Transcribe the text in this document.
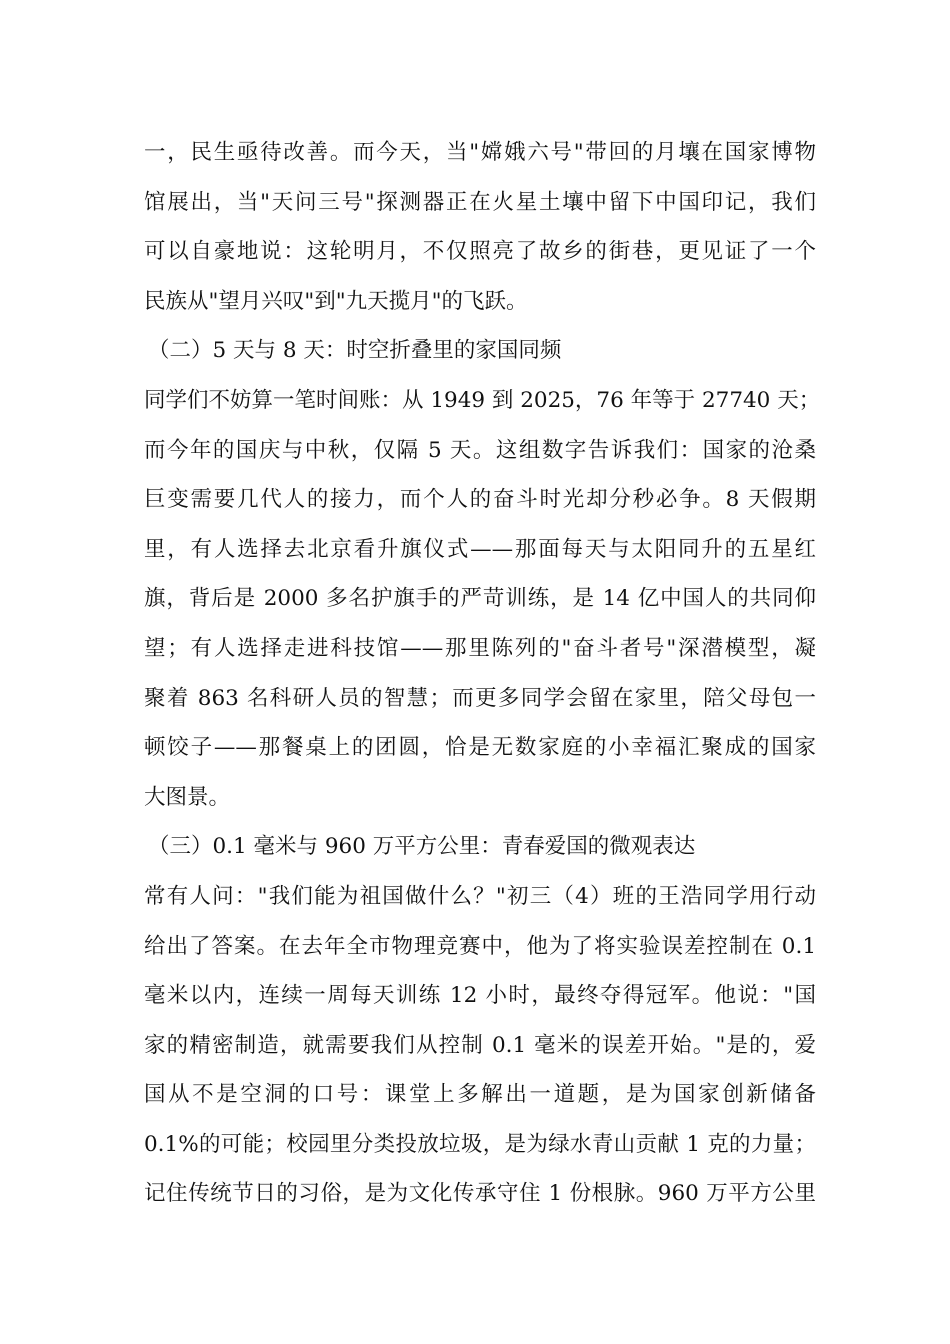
一，民生亟待改善。而今天，当"嫦娥六号"带回的月壤在国家博物
馆展出，当"天问三号"探测器正在火星土壤中留下中国印记，我们
可以自豪地说：这轮明月，不仅照亮了故乡的街巷，更见证了一个
民族从"望月兴叹"到"九天揽月"的飞跃。
（二）5 天与 8 天：时空折叠里的家国同频
同学们不妨算一笔时间账：从 1949 到 2025，76 年等于 27740 天；
而今年的国庆与中秋，仅隔 5 天。这组数字告诉我们：国家的沧桑
巨变需要几代人的接力，而个人的奋斗时光却分秒必争。8 天假期
里，有人选择去北京看升旗仪式——那面每天与太阳同升的五星红
旗，背后是 2000 多名护旗手的严苛训练，是 14 亿中国人的共同仰
望；有人选择走进科技馆——那里陈列的"奋斗者号"深潜模型，凝
聚着 863 名科研人员的智慧；而更多同学会留在家里，陪父母包一
顿饺子——那餐桌上的团圆，恰是无数家庭的小幸福汇聚成的国家
大图景。
（三）0.1 毫米与 960 万平方公里：青春爱国的微观表达
常有人问："我们能为祖国做什么？"初三（4）班的王浩同学用行动
给出了答案。在去年全市物理竞赛中，他为了将实验误差控制在 0.1
毫米以内，连续一周每天训练 12 小时，最终夺得冠军。他说："国
家的精密制造，就需要我们从控制 0.1 毫米的误差开始。"是的，爱
国从不是空洞的口号：课堂上多解出一道题，是为国家创新储备
0.1%的可能；校园里分类投放垃圾，是为绿水青山贡献 1 克的力量；
记住传统节日的习俗，是为文化传承守住 1 份根脉。960 万平方公里
